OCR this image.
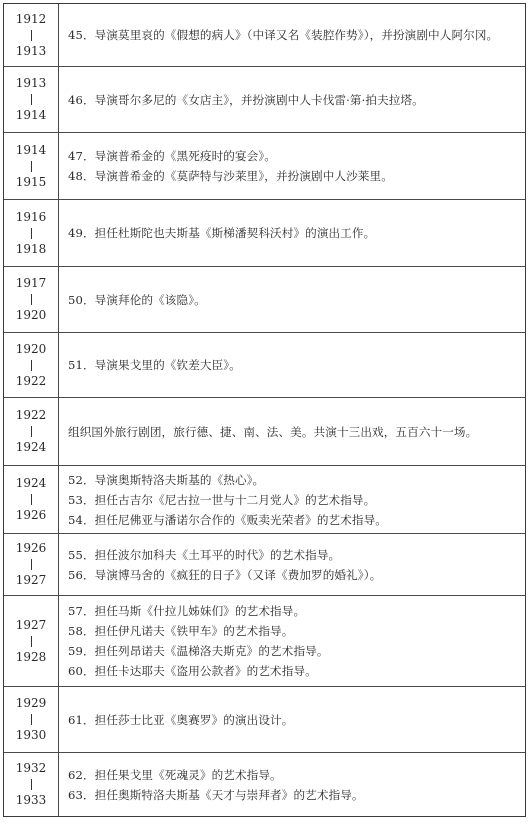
1912
1913
45．导演莫里哀的《假想的病人》（中译又名《装腔作势》），并扮演剧中人阿尔冈。
1913
1914
46．导演哥尔多尼的《女店主》，并扮演剧中人卡伐雷·第·拍夫拉塔。
1914
1915
47．导演普希金的《黑死疫时的宴会》。
48．导演普希金的《莫萨特与沙莱里》，并扮演剧中人沙莱里。
1916
1918
49．担任杜斯陀也夫斯基《斯梯潘契科沃村》的演出工作。
1917
1920
50．导演拜伦的《该隐》。
1920
1922
51．导演果戈里的《钦差大臣》。
1922
1924
组织国外旅行剧团，旅行德、捷、南、法、美。共演十三出戏，五百六十一场。
1924
1926
52．导演奥斯特洛夫斯基的《热心》。
53．担任古吉尔《尼古拉一世与十二月党人》的艺术指导。
54．担任尼佛亚与潘诺尔合作的《贩卖光荣者》的艺术指导。
1926
1927
55．担任波尔加科夫《土耳平的时代》的艺术指导。
56．导演博马舍的《疯狂的日子》（又译《费加罗的婚礼》）。
1927
1928
57．担任马斯《什拉儿姊妹们》的艺术指导。
58．担任伊凡诺夫《铁甲车》的艺术指导。
59．担任列昂诺夫《温梯洛夫斯克》的艺术指导。
60．担任卡达耶夫《盗用公款者》的艺术指导。
1929
1930
61．担任莎士比亚《奥赛罗》的演出设计。
1932
1933
62．担任果戈里《死魂灵》的艺术指导。
63．担任奥斯特洛夫斯基《天才与崇拜者》的艺术指导。
